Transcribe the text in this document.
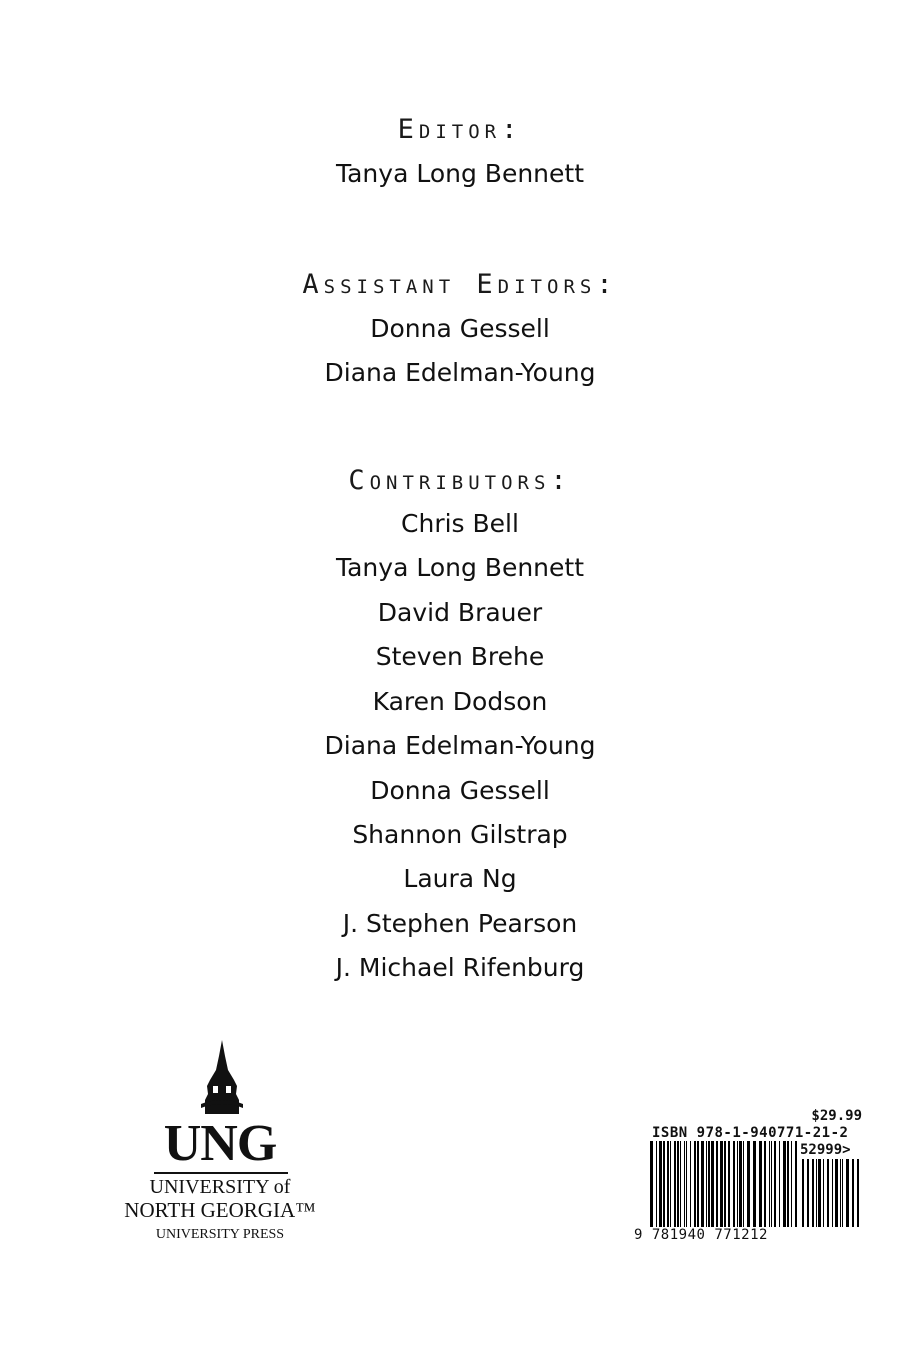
Editor:
Tanya Long Bennett
Assistant Editors:
Donna Gessell
Diana Edelman-Young
Contributors:
Chris Bell
Tanya Long Bennett
David Brauer
Steven Brehe
Karen Dodson
Diana Edelman-Young
Donna Gessell
Shannon Gilstrap
Laura Ng
J. Stephen Pearson
J. Michael Rifenburg
UNG
UNIVERSITY of
NORTH GEORGIA™
UNIVERSITY PRESS
$29.99
ISBN 978-1-940771-21-2
52999>
9 781940 771212
